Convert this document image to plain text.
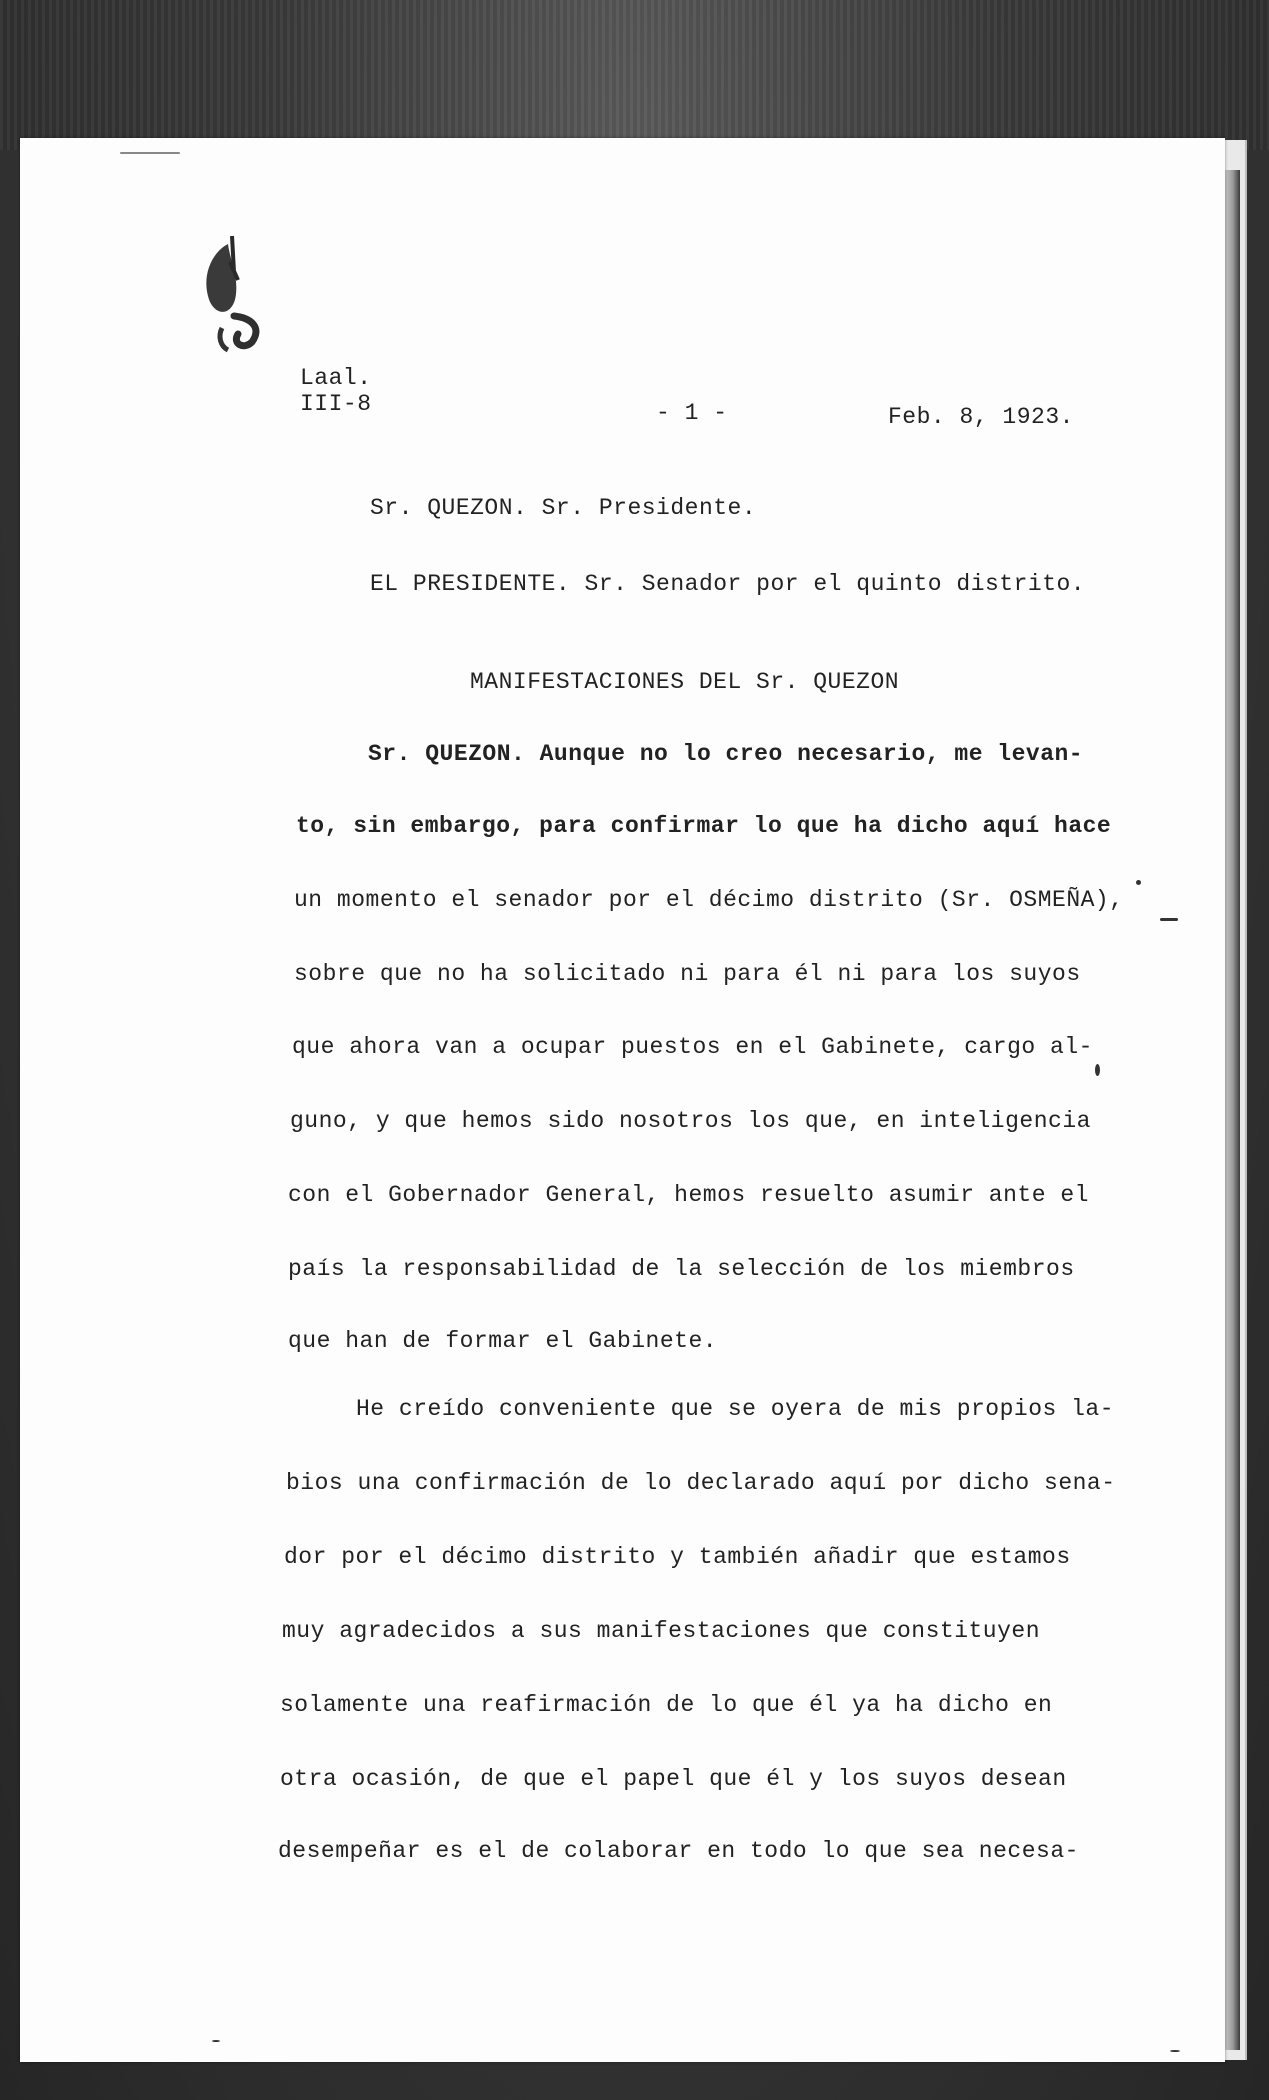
Laal.
III-8	- 1 -	Feb. 8, 1923.
Sr. QUEZON. Sr. Presidente.
EL PRESIDENTE. Sr. Senador por el quinto distrito.
MANIFESTACIONES DEL Sr. QUEZON
Sr. QUEZON. Aunque no lo creo necesario, me levan-
to, sin embargo, para confirmar lo que ha dicho aquí hace
un momento el senador por el décimo distrito (Sr. OSMEÑA),
sobre que no ha solicitado ni para él ni para los suyos
que ahora van a ocupar puestos en el Gabinete, cargo al-
guno, y que hemos sido nosotros los que, en inteligencia
con el Gobernador General, hemos resuelto asumir ante el
país la responsabilidad de la selección de los miembros
que han de formar el Gabinete.
He creído conveniente que se oyera de mis propios la-
bios una confirmación de lo declarado aquí por dicho sena-
dor por el décimo distrito y también añadir que estamos
muy agradecidos a sus manifestaciones que constituyen
solamente una reafirmación de lo que él ya ha dicho en
otra ocasión, de que el papel que él y los suyos desean
desempeñar es el de colaborar en todo lo que sea necesa-
